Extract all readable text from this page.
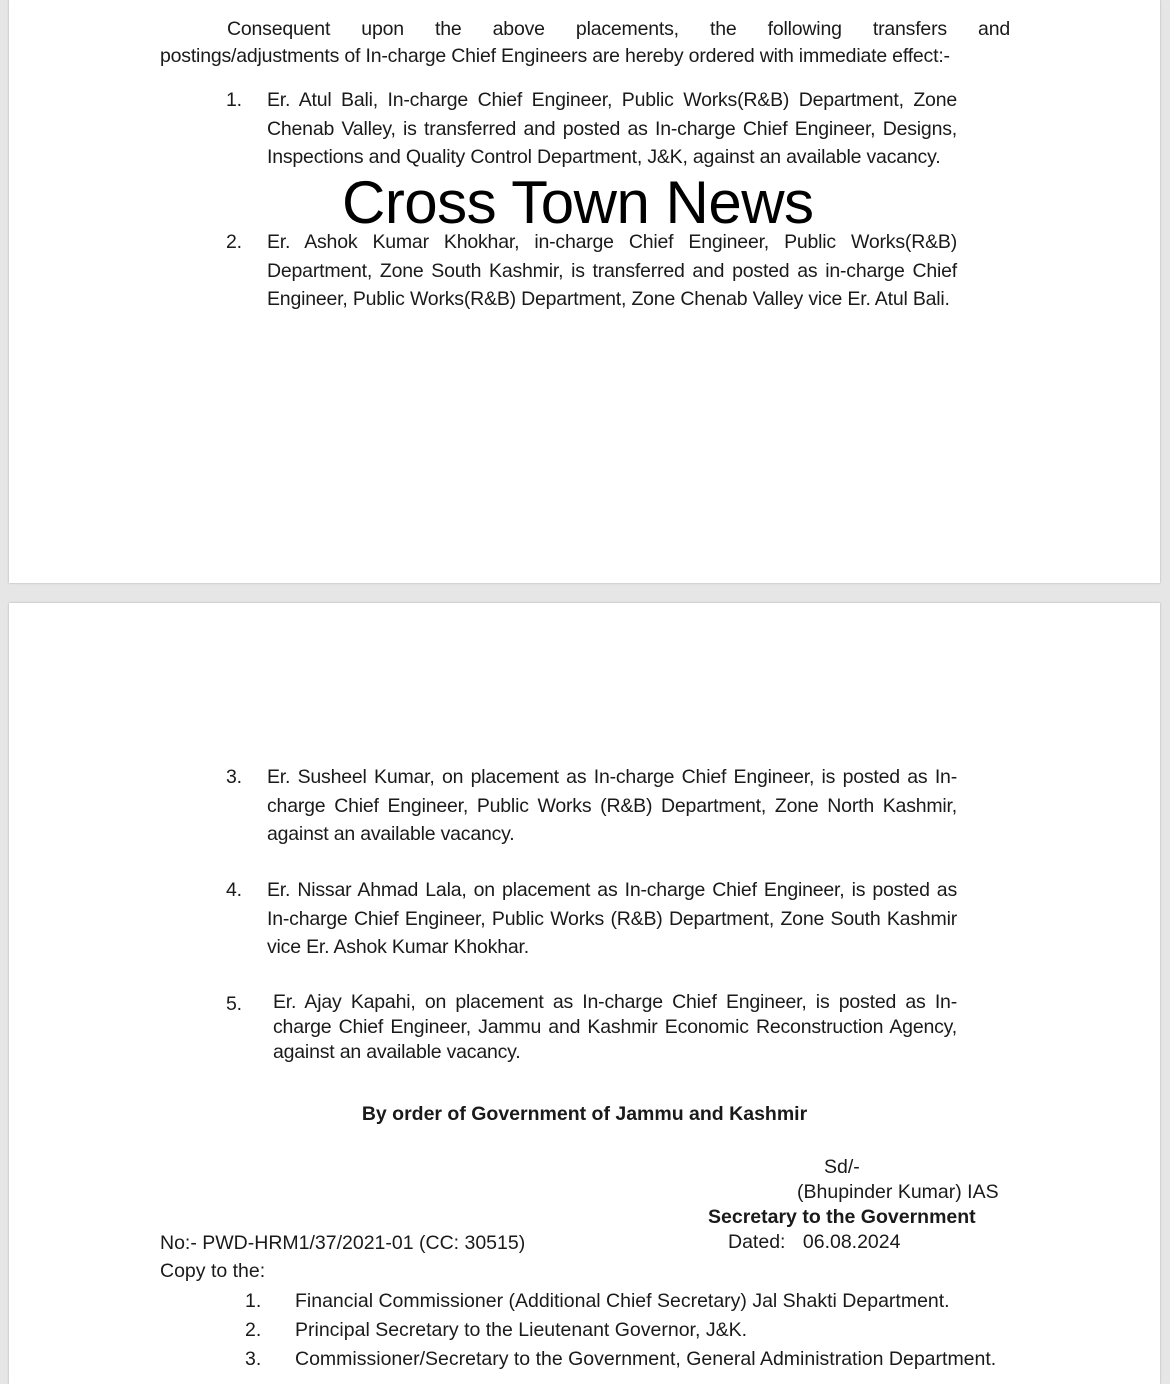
Consequent upon the above placements, the following transfers and
postings/adjustments of In-charge Chief Engineers are hereby ordered with immediate effect:-
1.	Er. Atul Bali, In-charge Chief Engineer, Public Works(R&B) Department, Zone Chenab Valley, is transferred and posted as In-charge Chief Engineer, Designs, Inspections and Quality Control Department, J&K, against an available vacancy.
2.	Er. Ashok Kumar Khokhar, in-charge Chief Engineer, Public Works(R&B) Department, Zone South Kashmir, is transferred and posted as in-charge Chief Engineer, Public Works(R&B) Department, Zone Chenab Valley vice Er. Atul Bali.
Cross Town News
3.	Er. Susheel Kumar, on placement as In-charge Chief Engineer, is posted as In-charge Chief Engineer, Public Works (R&B) Department, Zone North Kashmir, against an available vacancy.
4.	Er. Nissar Ahmad Lala, on placement as In-charge Chief Engineer, is posted as In-charge Chief Engineer, Public Works (R&B) Department, Zone South Kashmir vice Er. Ashok Kumar Khokhar.
5.	Er. Ajay Kapahi, on placement as In-charge Chief Engineer, is posted as In-charge Chief Engineer, Jammu and Kashmir Economic Reconstruction Agency, against an available vacancy.
By order of Government of Jammu and Kashmir
Sd/-
(Bhupinder Kumar) IAS
Secretary to the Government
No:- PWD-HRM1/37/2021-01 (CC: 30515)	Dated: 06.08.2024
Copy to the:
1. Financial Commissioner (Additional Chief Secretary) Jal Shakti Department.
2. Principal Secretary to the Lieutenant Governor, J&K.
3. Commissioner/Secretary to the Government, General Administration Department.
